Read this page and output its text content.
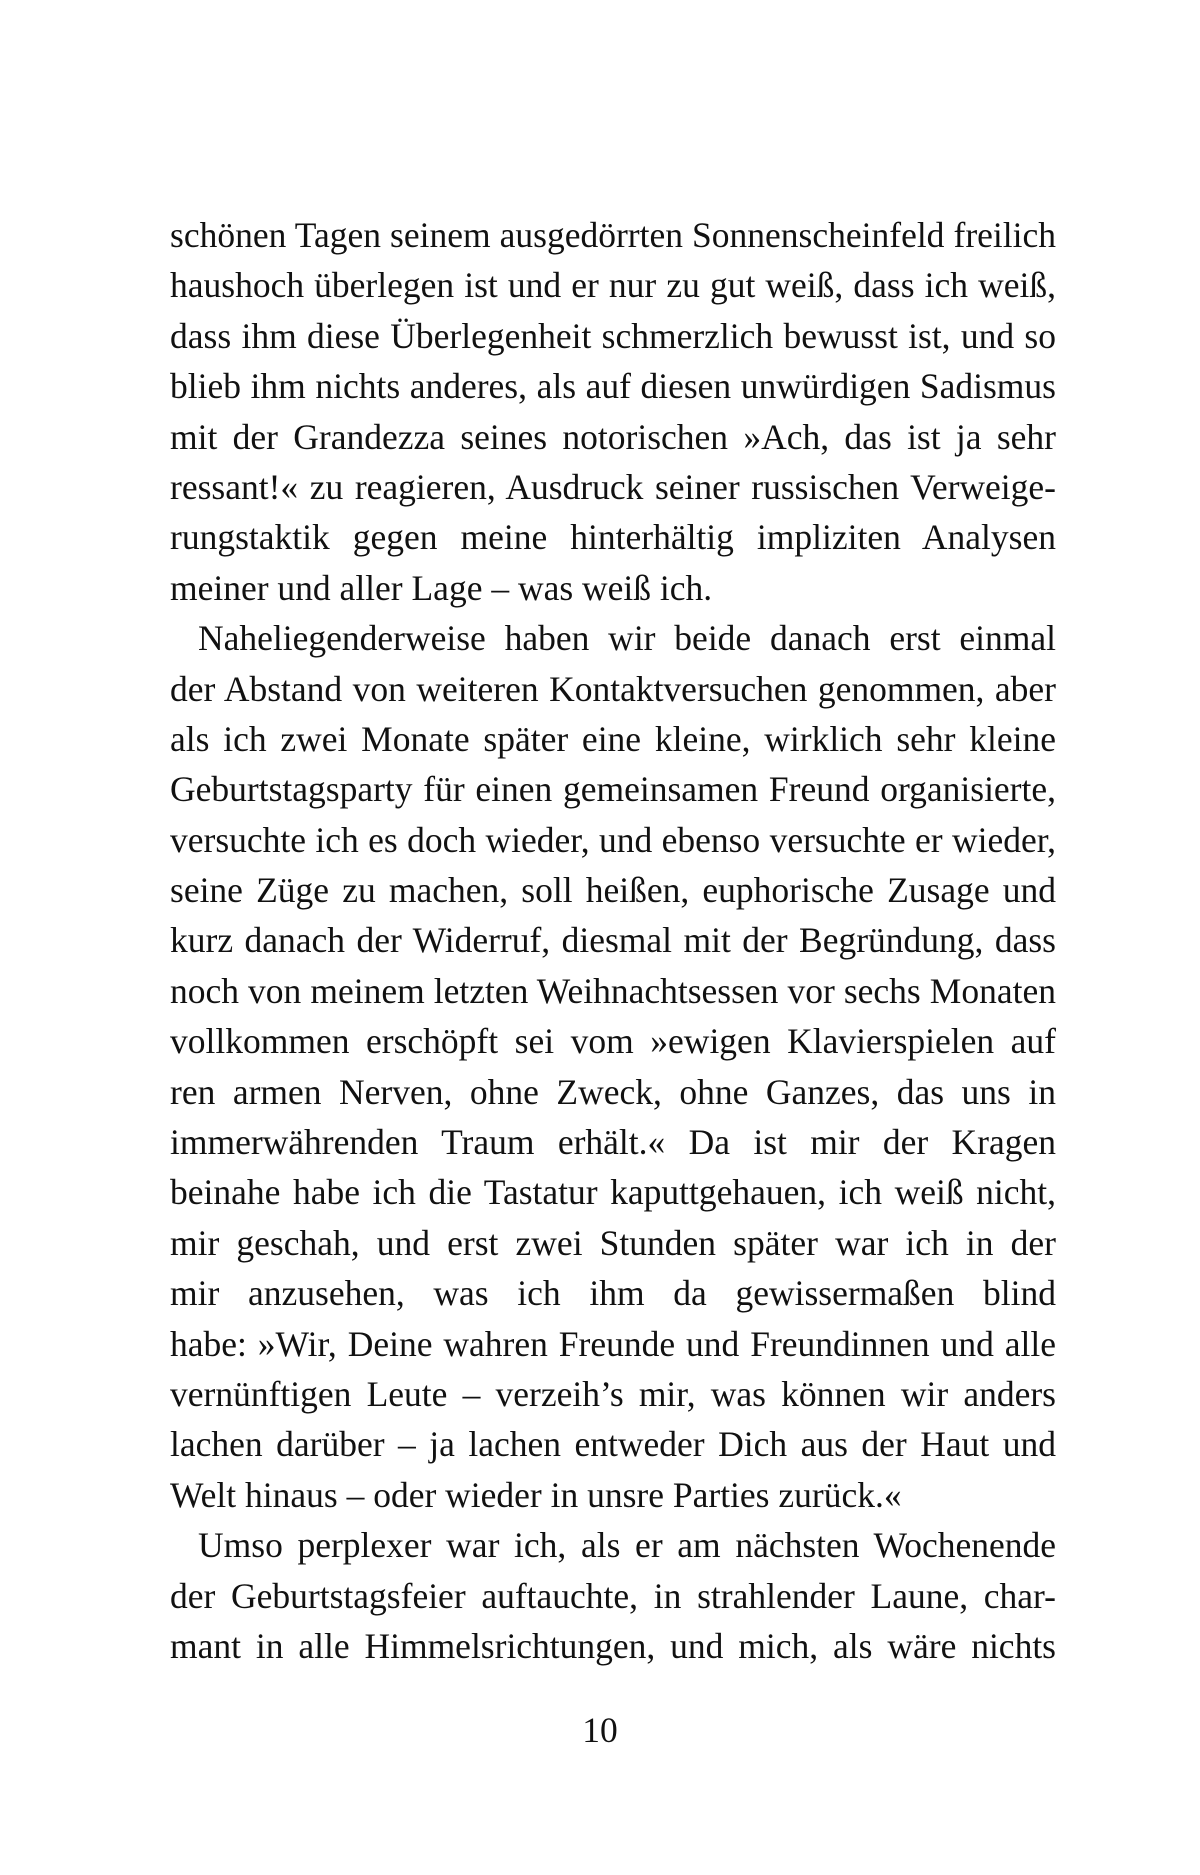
schönen Tagen seinem ausgedörrten Sonnenscheinfeld freilich
haushoch überlegen ist und er nur zu gut weiß, dass ich weiß,
dass ihm diese Überlegenheit schmerzlich bewusst ist, und so
blieb ihm nichts anderes, als auf diesen unwürdigen Sadismus
mit der Grandezza seines notorischen »Ach, das ist ja sehr
ressant!« zu reagieren, Ausdruck seiner russischen Verweige-
rungstaktik gegen meine hinterhältig impliziten Analysen
meiner und aller Lage – was weiß ich.
Naheliegenderweise haben wir beide danach erst einmal
der Abstand von weiteren Kontaktversuchen genommen, aber
als ich zwei Monate später eine kleine, wirklich sehr kleine
Geburtstagsparty für einen gemeinsamen Freund organisierte,
versuchte ich es doch wieder, und ebenso versuchte er wieder,
seine Züge zu machen, soll heißen, euphorische Zusage und
kurz danach der Widerruf, diesmal mit der Begründung, dass
noch von meinem letzten Weihnachtsessen vor sechs Monaten
vollkommen erschöpft sei vom »ewigen Klavierspielen auf
ren armen Nerven, ohne Zweck, ohne Ganzes, das uns in
immerwährenden Traum erhält.« Da ist mir der Kragen
beinahe habe ich die Tastatur kaputtgehauen, ich weiß nicht,
mir geschah, und erst zwei Stunden später war ich in der
mir anzusehen, was ich ihm da gewissermaßen blind
habe: »Wir, Deine wahren Freunde und Freundinnen und alle
vernünftigen Leute – verzeih’s mir, was können wir anders
lachen darüber – ja lachen entweder Dich aus der Haut und
Welt hinaus – oder wieder in unsre Parties zurück.«
Umso perplexer war ich, als er am nächsten Wochenende
der Geburtstagsfeier auftauchte, in strahlender Laune, char-
mant in alle Himmelsrichtungen, und mich, als wäre nichts
10
